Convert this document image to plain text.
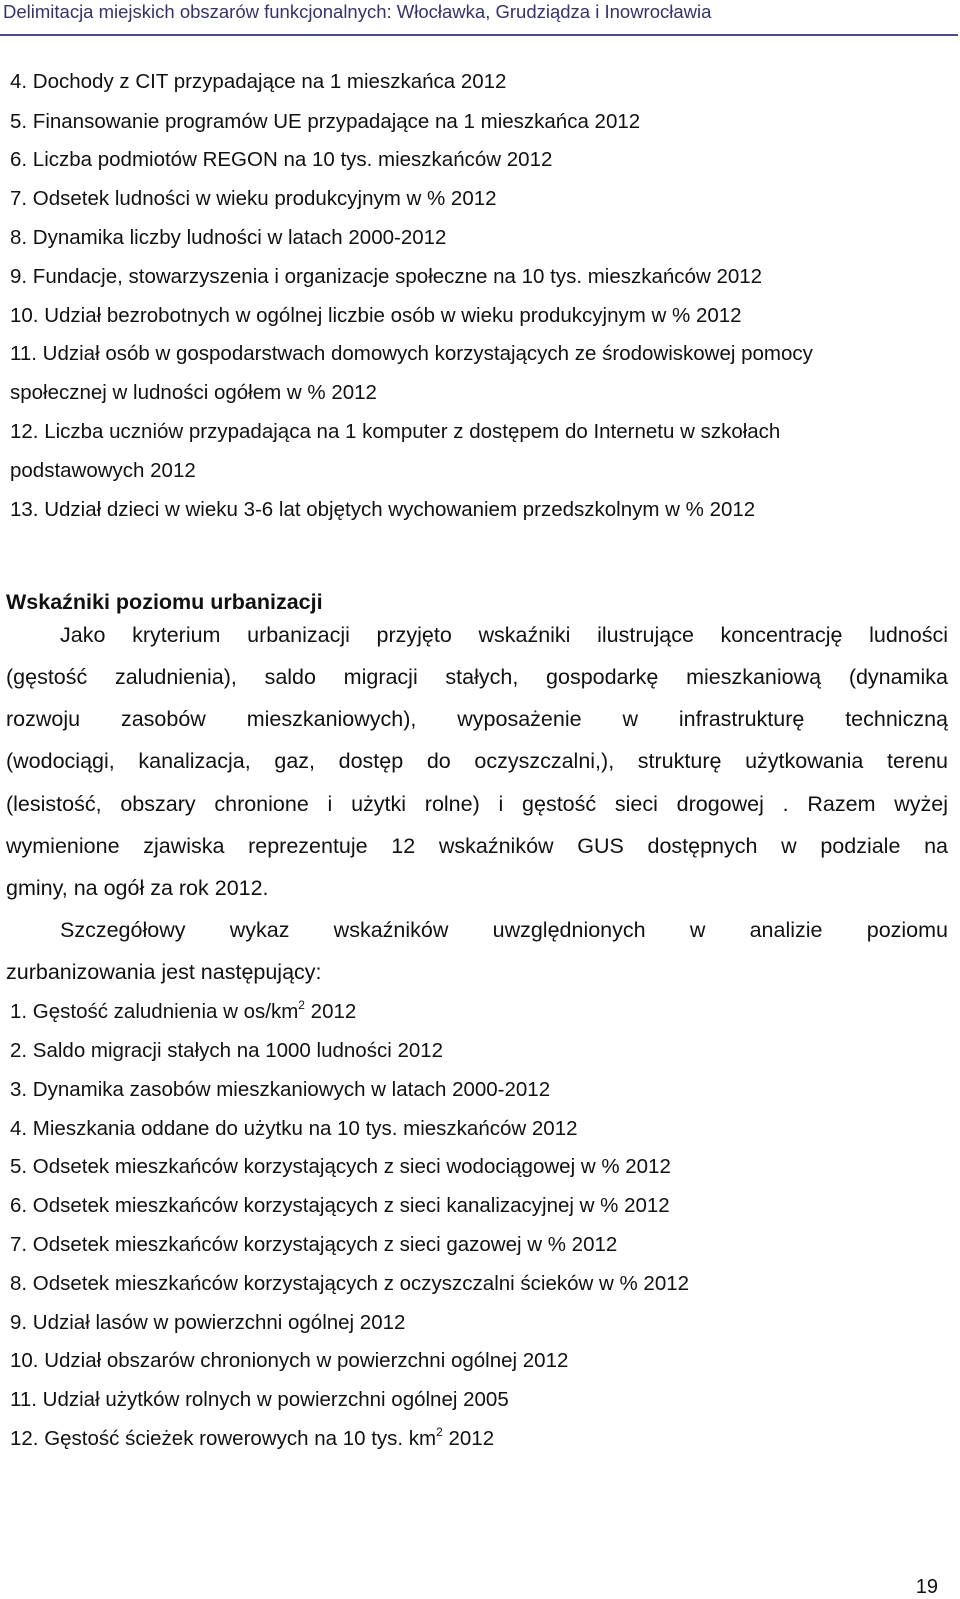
Delimitacja miejskich obszarów funkcjonalnych: Włocławka, Grudziądza i Inowrocławia
4. Dochody z CIT przypadające na 1 mieszkańca 2012
5. Finansowanie programów UE przypadające na 1 mieszkańca 2012
6. Liczba podmiotów REGON na 10 tys. mieszkańców 2012
7. Odsetek ludności w wieku produkcyjnym w % 2012
8. Dynamika liczby ludności w latach 2000-2012
9. Fundacje, stowarzyszenia i organizacje społeczne na 10 tys. mieszkańców 2012
10. Udział bezrobotnych w ogólnej liczbie osób w wieku produkcyjnym w % 2012
11. Udział osób w gospodarstwach domowych korzystających ze środowiskowej pomocy
społecznej w ludności ogółem w % 2012
12. Liczba uczniów przypadająca na 1 komputer z dostępem do Internetu w szkołach
podstawowych 2012
13. Udział dzieci w wieku 3-6 lat objętych wychowaniem przedszkolnym w % 2012
Wskaźniki poziomu urbanizacji
Jako kryterium urbanizacji przyjęto wskaźniki ilustrujące koncentrację ludności
(gęstość zaludnienia), saldo migracji stałych, gospodarkę mieszkaniową (dynamika
rozwoju zasobów mieszkaniowych), wyposażenie w infrastrukturę techniczną
(wodociągi, kanalizacja, gaz, dostęp do oczyszczalni,), strukturę użytkowania terenu
(lesistość, obszary chronione i użytki rolne) i gęstość sieci drogowej . Razem wyżej
wymienione zjawiska reprezentuje 12 wskaźników GUS dostępnych w podziale na
gminy, na ogół za rok 2012.
Szczegółowy wykaz wskaźników uwzględnionych w analizie poziomu
zurbanizowania jest następujący:
1. Gęstość zaludnienia w $os/km^2$ 2012
2. Saldo migracji stałych na 1000 ludności 2012
3. Dynamika zasobów mieszkaniowych w latach 2000-2012
4. Mieszkania oddane do użytku na 10 tys. mieszkańców 2012
5. Odsetek mieszkańców korzystających z sieci wodociągowej w % 2012
6. Odsetek mieszkańców korzystających z sieci kanalizacyjnej w % 2012
7. Odsetek mieszkańców korzystających z sieci gazowej w % 2012
8. Odsetek mieszkańców korzystających z oczyszczalni ścieków w % 2012
9. Udział lasów w powierzchni ogólnej 2012
10. Udział obszarów chronionych w powierzchni ogólnej 2012
11. Udział użytków rolnych w powierzchni ogólnej 2005
12. Gęstość ścieżek rowerowych na 10 tys. $km^2$ 2012
19
